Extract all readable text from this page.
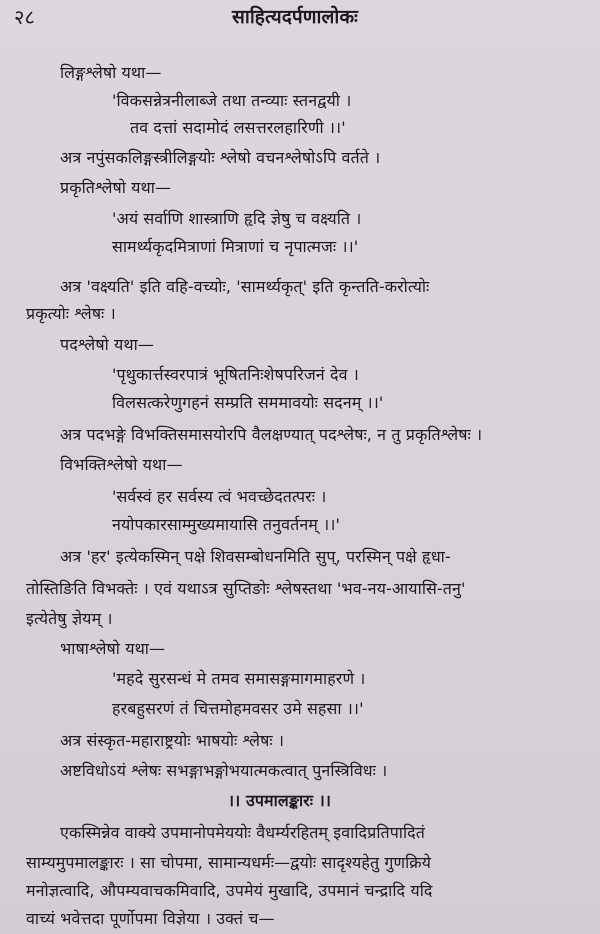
२८	साहित्यदर्पणालोकः
लिङ्गश्लेषो यथा—
'विकसन्नेत्रनीलाब्जे तथा तन्व्याः स्तनद्वयी ।
तव दत्तां सदामोदं लसत्तरलहारिणी ।।'
अत्र नपुंसकलिङ्गस्त्रीलिङ्गयोः श्लेषो वचनश्लेषोऽपि वर्तते ।
प्रकृतिश्लेषो यथा—
'अयं सर्वाणि शास्त्राणि हृदि ज्ञेषु च वक्ष्यति ।
सामर्थ्यकृदमित्राणां मित्राणां च नृपात्मजः ।।'
अत्र 'वक्ष्यति' इति वहि-वच्योः, 'सामर्थ्यकृत्' इति कृन्तति-करोत्योः
प्रकृत्योः श्लेषः ।
पदश्लेषो यथा—
'पृथुकार्त्तस्वरपात्रं भूषितनिःशेषपरिजनं देव ।
विलसत्करेणुगहनं सम्प्रति सममावयोः सदनम् ।।'
अत्र पदभङ्गे विभक्तिसमासयोरपि वैलक्षण्यात् पदश्लेषः, न तु प्रकृतिश्लेषः ।
विभक्तिश्लेषो यथा—
'सर्वस्वं हर सर्वस्य त्वं भवच्छेदतत्परः ।
नयोपकारसाम्मुख्यमायासि तनुवर्तनम् ।।'
अत्र 'हर' इत्येकस्मिन् पक्षे शिवसम्बोधनमिति सुप्, परस्मिन् पक्षे हृधा-
तोस्तिङिति विभक्तेः । एवं यथाऽत्र सुप्तिङोः श्लेषस्तथा 'भव-नय-आयासि-तनु'
इत्येतेषु ज्ञेयम् ।
भाषाश्लेषो यथा—
'महदे सुरसन्धं मे तमव समासङ्गमागमाहरणे ।
हरबहुसरणं तं चित्तमोहमवसर उमे सहसा ।।'
अत्र संस्कृत-महाराष्ट्रयोः भाषयोः श्लेषः ।
अष्टविधोऽयं श्लेषः सभङ्गाभङ्गोभयात्मकत्वात् पुनस्त्रिविधः ।
।। उपमालङ्कारः ।।
एकस्मिन्नेव वाक्ये उपमानोपमेययोः वैधर्म्यरहितम् इवादिप्रतिपादितं
साम्यमुपमालङ्कारः । सा चोपमा, सामान्यधर्मः—द्वयोः सादृश्यहेतु गुणक्रिये
मनोज्ञत्वादि, औपम्यवाचकमिवादि, उपमेयं मुखादि, उपमानं चन्द्रादि यदि
वाच्यं भवेत्तदा पूर्णोपमा विज्ञेया । उक्तं च—
